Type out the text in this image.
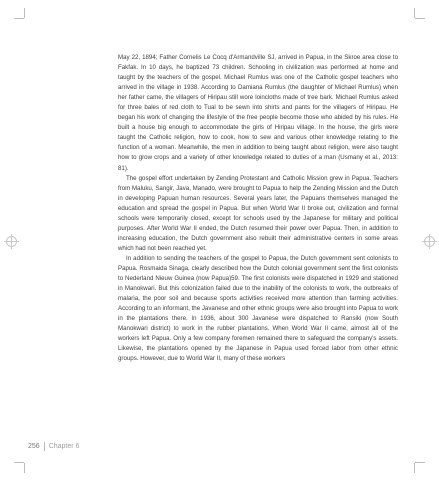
May 22, 1894; Father Cornelis Le Cocq d'Armandville SJ, arrived in Papua, in the Skroe area close to Fakfak. In 10 days, he baptized 73 children. Schooling in civilization was performed at home and taught by the teachers of the gospel. Michael Rumlus was one of the Catholic gospel teachers who arrived in the village in 1938. According to Damiana Rumlus (the daughter of Michael Rumlus) when her father came, the villagers of Hiripau still wore loincloths made of tree bark. Michael Rumlus asked for three bales of red cloth to Tual to be sewn into shirts and pants for the villagers of Hiripau. He began his work of changing the lifestyle of the free people become those who abided by his rules. He built a house big enough to accommodate the girls of Hiripau village. In the house, the girls were taught the Catholic religion, how to cook, how to sew and various other knowledge relating to the function of a woman. Meanwhile, the men in addition to being taught about religion, were also taught how to grow crops and a variety of other knowledge related to duties of a man (Usmany et al., 2013: 81).

The gospel effort undertaken by Zending Protestant and Catholic Mission grew in Papua. Teachers from Maluku, Sangir, Java, Manado, were brought to Papua to help the Zending Mission and the Dutch in developing Papuan human resources. Several years later, the Papuans themselves managed the education and spread the gospel in Papua. But when World War II broke out, civilization and formal schools were temporarily closed, except for schools used by the Japanese for military and political purposes. After World War II ended, the Dutch resumed their power over Papua. Then, in addition to increasing education, the Dutch government also rebuilt their administrative centers in some areas which had not been reached yet.

In addition to sending the teachers of the gospel to Papua, the Dutch government sent colonists to Papua. Rosmaida Sinaga, clearly described how the Dutch colonial government sent the first colonists to Nederland Nieuw Guinea (now Papua)59. The first colonists were dispatched in 1929 and stationed in Manokwari. But this colonization failed due to the inability of the colonists to work, the outbreaks of malaria, the poor soil and because sports activities received more attention than farming activities. According to an informant, the Javanese and other ethnic groups were also brought into Papua to work in the plantations there. In 1936, about 300 Javanese were dispatched to Ransiki (now South Manokwari district) to work in the rubber plantations. When World War II came, almost all of the workers left Papua. Only a few company foremen remained there to safeguard the company's assets. Likewise, the plantations opened by the Japanese in Papua used forced labor from other ethnic groups. However, due to World War II, many of these workers

256	Chapter 6
